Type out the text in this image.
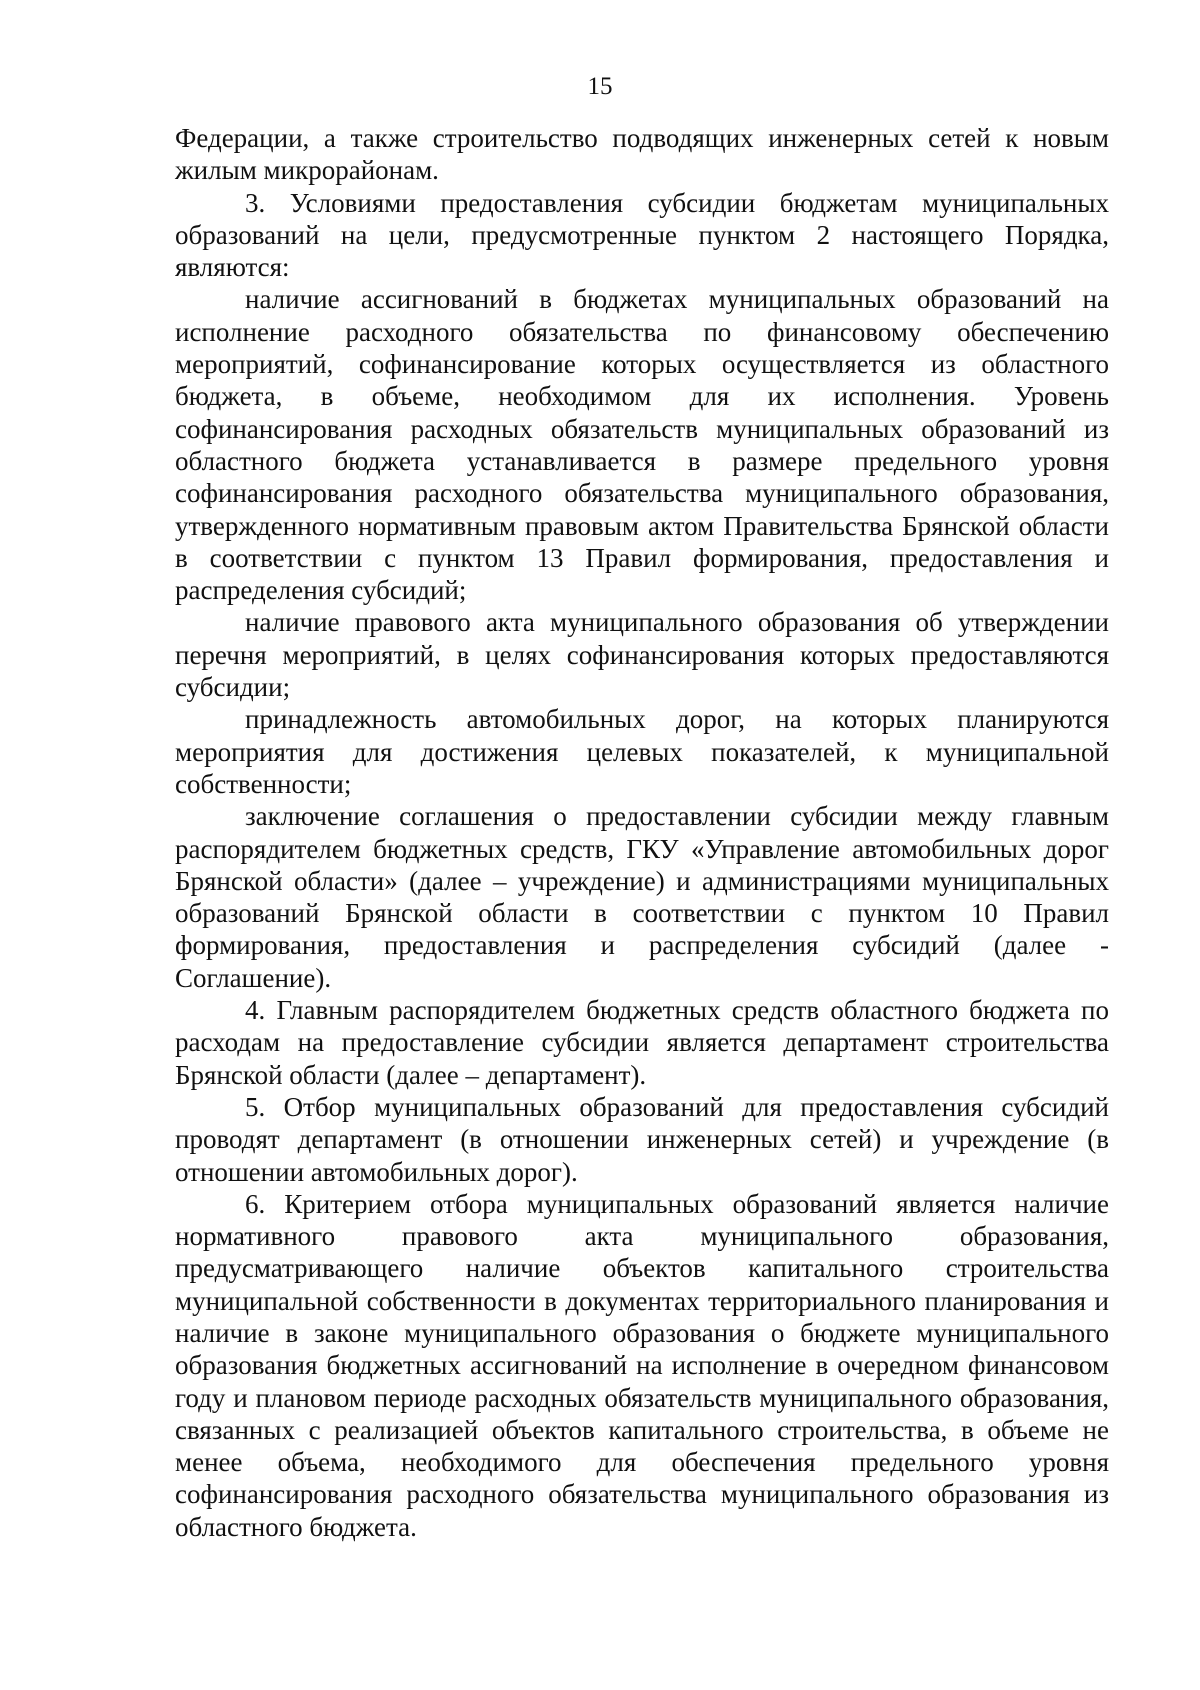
15

Федерации, а также строительство подводящих инженерных сетей к новым жилым микрорайонам.

3. Условиями предоставления субсидии бюджетам муниципальных образований на цели, предусмотренные пунктом 2 настоящего Порядка, являются:

наличие ассигнований в бюджетах муниципальных образований на исполнение расходного обязательства по финансовому обеспечению мероприятий, софинансирование которых осуществляется из областного бюджета, в объеме, необходимом для их исполнения. Уровень софинансирования расходных обязательств муниципальных образований из областного бюджета устанавливается в размере предельного уровня софинансирования расходного обязательства муниципального образования, утвержденного нормативным правовым актом Правительства Брянской области в соответствии с пунктом 13 Правил формирования, предоставления и распределения субсидий;

наличие правового акта муниципального образования об утверждении перечня мероприятий, в целях софинансирования которых предоставляются субсидии;

принадлежность автомобильных дорог, на которых планируются мероприятия для достижения целевых показателей, к муниципальной собственности;

заключение соглашения о предоставлении субсидии между главным распорядителем бюджетных средств, ГКУ «Управление автомобильных дорог Брянской области» (далее – учреждение) и администрациями муниципальных образований Брянской области в соответствии с пунктом 10 Правил формирования, предоставления и распределения субсидий (далее - Соглашение).

4. Главным распорядителем бюджетных средств областного бюджета по расходам на предоставление субсидии является департамент строительства Брянской области (далее – департамент).

5. Отбор муниципальных образований для предоставления субсидий проводят департамент (в отношении инженерных сетей) и учреждение (в отношении автомобильных дорог).

6. Критерием отбора муниципальных образований является наличие нормативного правового акта муниципального образования, предусматривающего наличие объектов капитального строительства муниципальной собственности в документах территориального планирования и наличие в законе муниципального образования о бюджете муниципального образования бюджетных ассигнований на исполнение в очередном финансовом году и плановом периоде расходных обязательств муниципального образования, связанных с реализацией объектов капитального строительства, в объеме не менее объема, необходимого для обеспечения предельного уровня софинансирования расходного обязательства муниципального образования из областного бюджета.
